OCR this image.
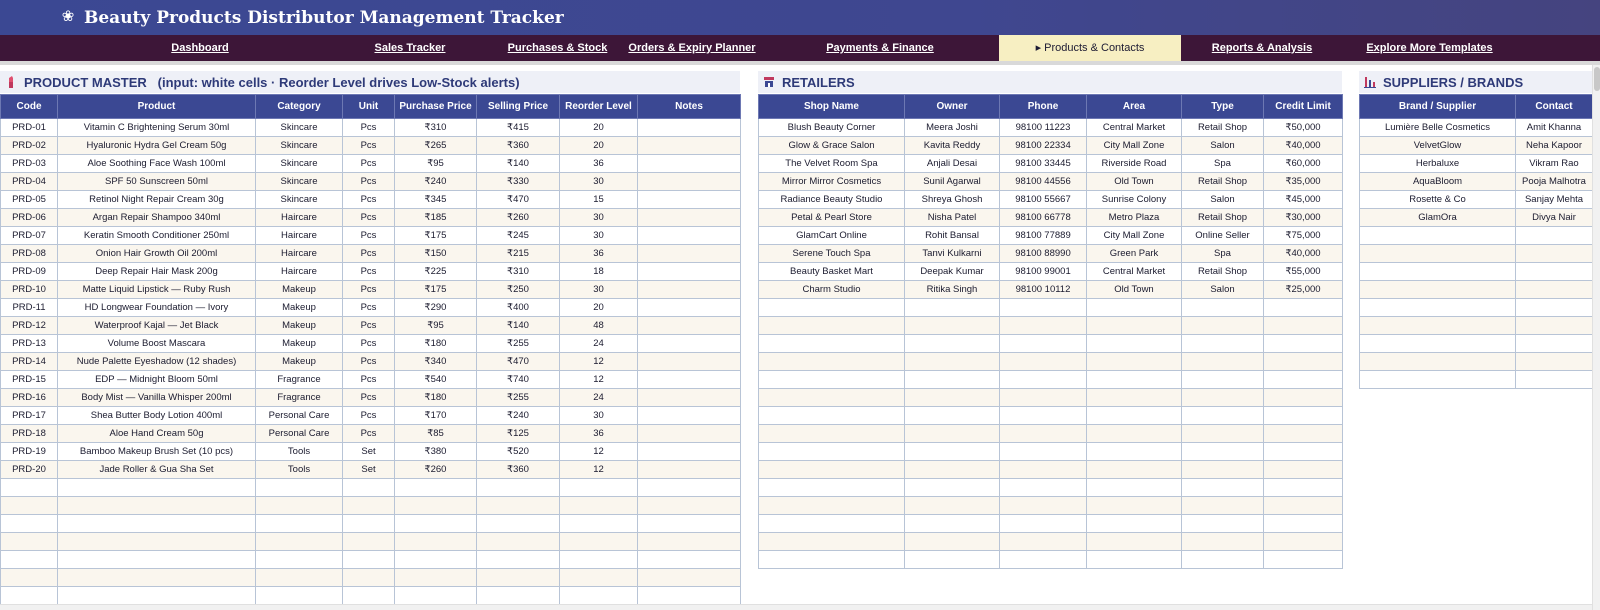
❀ Beauty Products Distributor Management Tracker
Dashboard	Sales Tracker	Purchases & Stock	Orders & Expiry Planner	Payments & Finance	▸ Products & Contacts	Reports & Analysis	Explore More Templates
PRODUCT MASTER (input: white cells · Reorder Level drives Low-Stock alerts)
Code	Product	Category	Unit	Purchase Price	Selling Price	Reorder Level	Notes
PRD-01	Vitamin C Brightening Serum 30ml	Skincare	Pcs	₹310	₹415	20	
PRD-02	Hyaluronic Hydra Gel Cream 50g	Skincare	Pcs	₹265	₹360	20	
PRD-03	Aloe Soothing Face Wash 100ml	Skincare	Pcs	₹95	₹140	36	
PRD-04	SPF 50 Sunscreen 50ml	Skincare	Pcs	₹240	₹330	30	
PRD-05	Retinol Night Repair Cream 30g	Skincare	Pcs	₹345	₹470	15	
PRD-06	Argan Repair Shampoo 340ml	Haircare	Pcs	₹185	₹260	30	
PRD-07	Keratin Smooth Conditioner 250ml	Haircare	Pcs	₹175	₹245	30	
PRD-08	Onion Hair Growth Oil 200ml	Haircare	Pcs	₹150	₹215	36	
PRD-09	Deep Repair Hair Mask 200g	Haircare	Pcs	₹225	₹310	18	
PRD-10	Matte Liquid Lipstick — Ruby Rush	Makeup	Pcs	₹175	₹250	30	
PRD-11	HD Longwear Foundation — Ivory	Makeup	Pcs	₹290	₹400	20	
PRD-12	Waterproof Kajal — Jet Black	Makeup	Pcs	₹95	₹140	48	
PRD-13	Volume Boost Mascara	Makeup	Pcs	₹180	₹255	24	
PRD-14	Nude Palette Eyeshadow (12 shades)	Makeup	Pcs	₹340	₹470	12	
PRD-15	EDP — Midnight Bloom 50ml	Fragrance	Pcs	₹540	₹740	12	
PRD-16	Body Mist — Vanilla Whisper 200ml	Fragrance	Pcs	₹180	₹255	24	
PRD-17	Shea Butter Body Lotion 400ml	Personal Care	Pcs	₹170	₹240	30	
PRD-18	Aloe Hand Cream 50g	Personal Care	Pcs	₹85	₹125	36	
PRD-19	Bamboo Makeup Brush Set (10 pcs)	Tools	Set	₹380	₹520	12	
PRD-20	Jade Roller & Gua Sha Set	Tools	Set	₹260	₹360	12	

RETAILERS
Shop Name	Owner	Phone	Area	Type	Credit Limit
Blush Beauty Corner	Meera Joshi	98100 11223	Central Market	Retail Shop	₹50,000
Glow & Grace Salon	Kavita Reddy	98100 22334	City Mall Zone	Salon	₹40,000
The Velvet Room Spa	Anjali Desai	98100 33445	Riverside Road	Spa	₹60,000
Mirror Mirror Cosmetics	Sunil Agarwal	98100 44556	Old Town	Retail Shop	₹35,000
Radiance Beauty Studio	Shreya Ghosh	98100 55667	Sunrise Colony	Salon	₹45,000
Petal & Pearl Store	Nisha Patel	98100 66778	Metro Plaza	Retail Shop	₹30,000
GlamCart Online	Rohit Bansal	98100 77889	City Mall Zone	Online Seller	₹75,000
Serene Touch Spa	Tanvi Kulkarni	98100 88990	Green Park	Spa	₹40,000
Beauty Basket Mart	Deepak Kumar	98100 99001	Central Market	Retail Shop	₹55,000
Charm Studio	Ritika Singh	98100 10112	Old Town	Salon	₹25,000

SUPPLIERS / BRANDS
Brand / Supplier	Contact
Lumière Belle Cosmetics	Amit Khanna
VelvetGlow	Neha Kapoor
Herbaluxe	Vikram Rao
AquaBloom	Pooja Malhotra
Rosette & Co	Sanjay Mehta
GlamOra	Divya Nair
